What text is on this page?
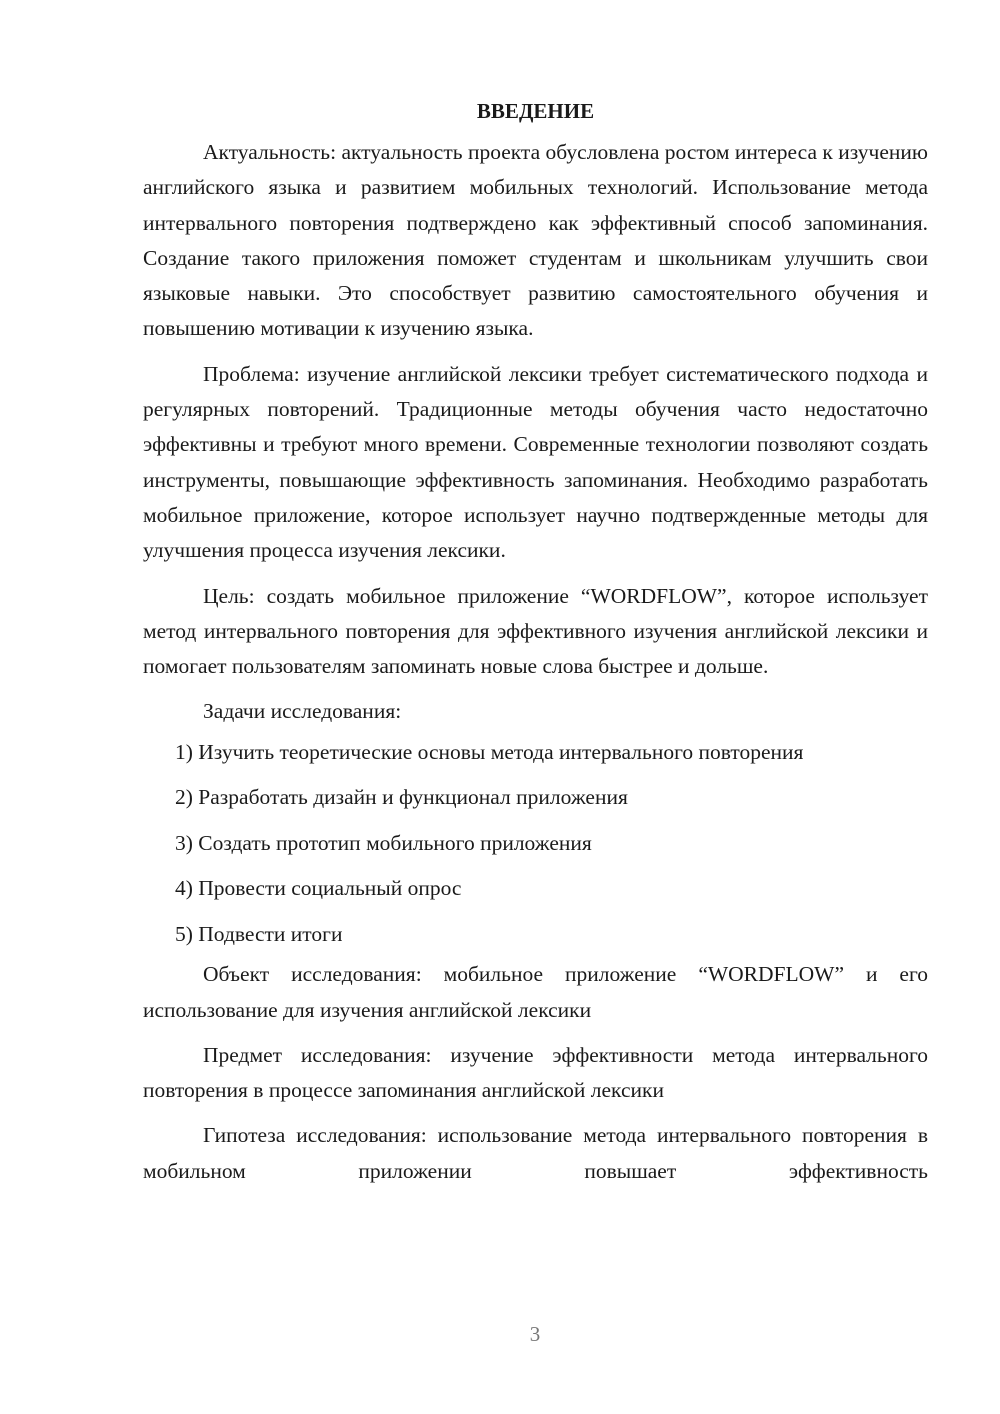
ВВЕДЕНИЕ

Актуальность: актуальность проекта обусловлена ростом интереса к изучению английского языка и развитием мобильных технологий. Использование метода интервального повторения подтверждено как эффективный способ запоминания. Создание такого приложения поможет студентам и школьникам улучшить свои языковые навыки. Это способствует развитию самостоятельного обучения и повышению мотивации к изучению языка.

Проблема: изучение английской лексики требует систематического подхода и регулярных повторений. Традиционные методы обучения часто недостаточно эффективны и требуют много времени. Современные технологии позволяют создать инструменты, повышающие эффективность запоминания. Необходимо разработать мобильное приложение, которое использует научно подтвержденные методы для улучшения процесса изучения лексики.

Цель: создать мобильное приложение “WORDFLOW”, которое использует метод интервального повторения для эффективного изучения английской лексики и помогает пользователям запоминать новые слова быстрее и дольше.

Задачи исследования:
1) Изучить теоретические основы метода интервального повторения
2) Разработать дизайн и функционал приложения
3) Создать прототип мобильного приложения
4) Провести социальный опрос
5) Подвести итоги

Объект исследования: мобильное приложение “WORDFLOW” и его использование для изучения английской лексики

Предмет исследования: изучение эффективности метода интервального повторения в процессе запоминания английской лексики

Гипотеза исследования: использование метода интервального повторения в мобильном приложении повышает эффективность

3
